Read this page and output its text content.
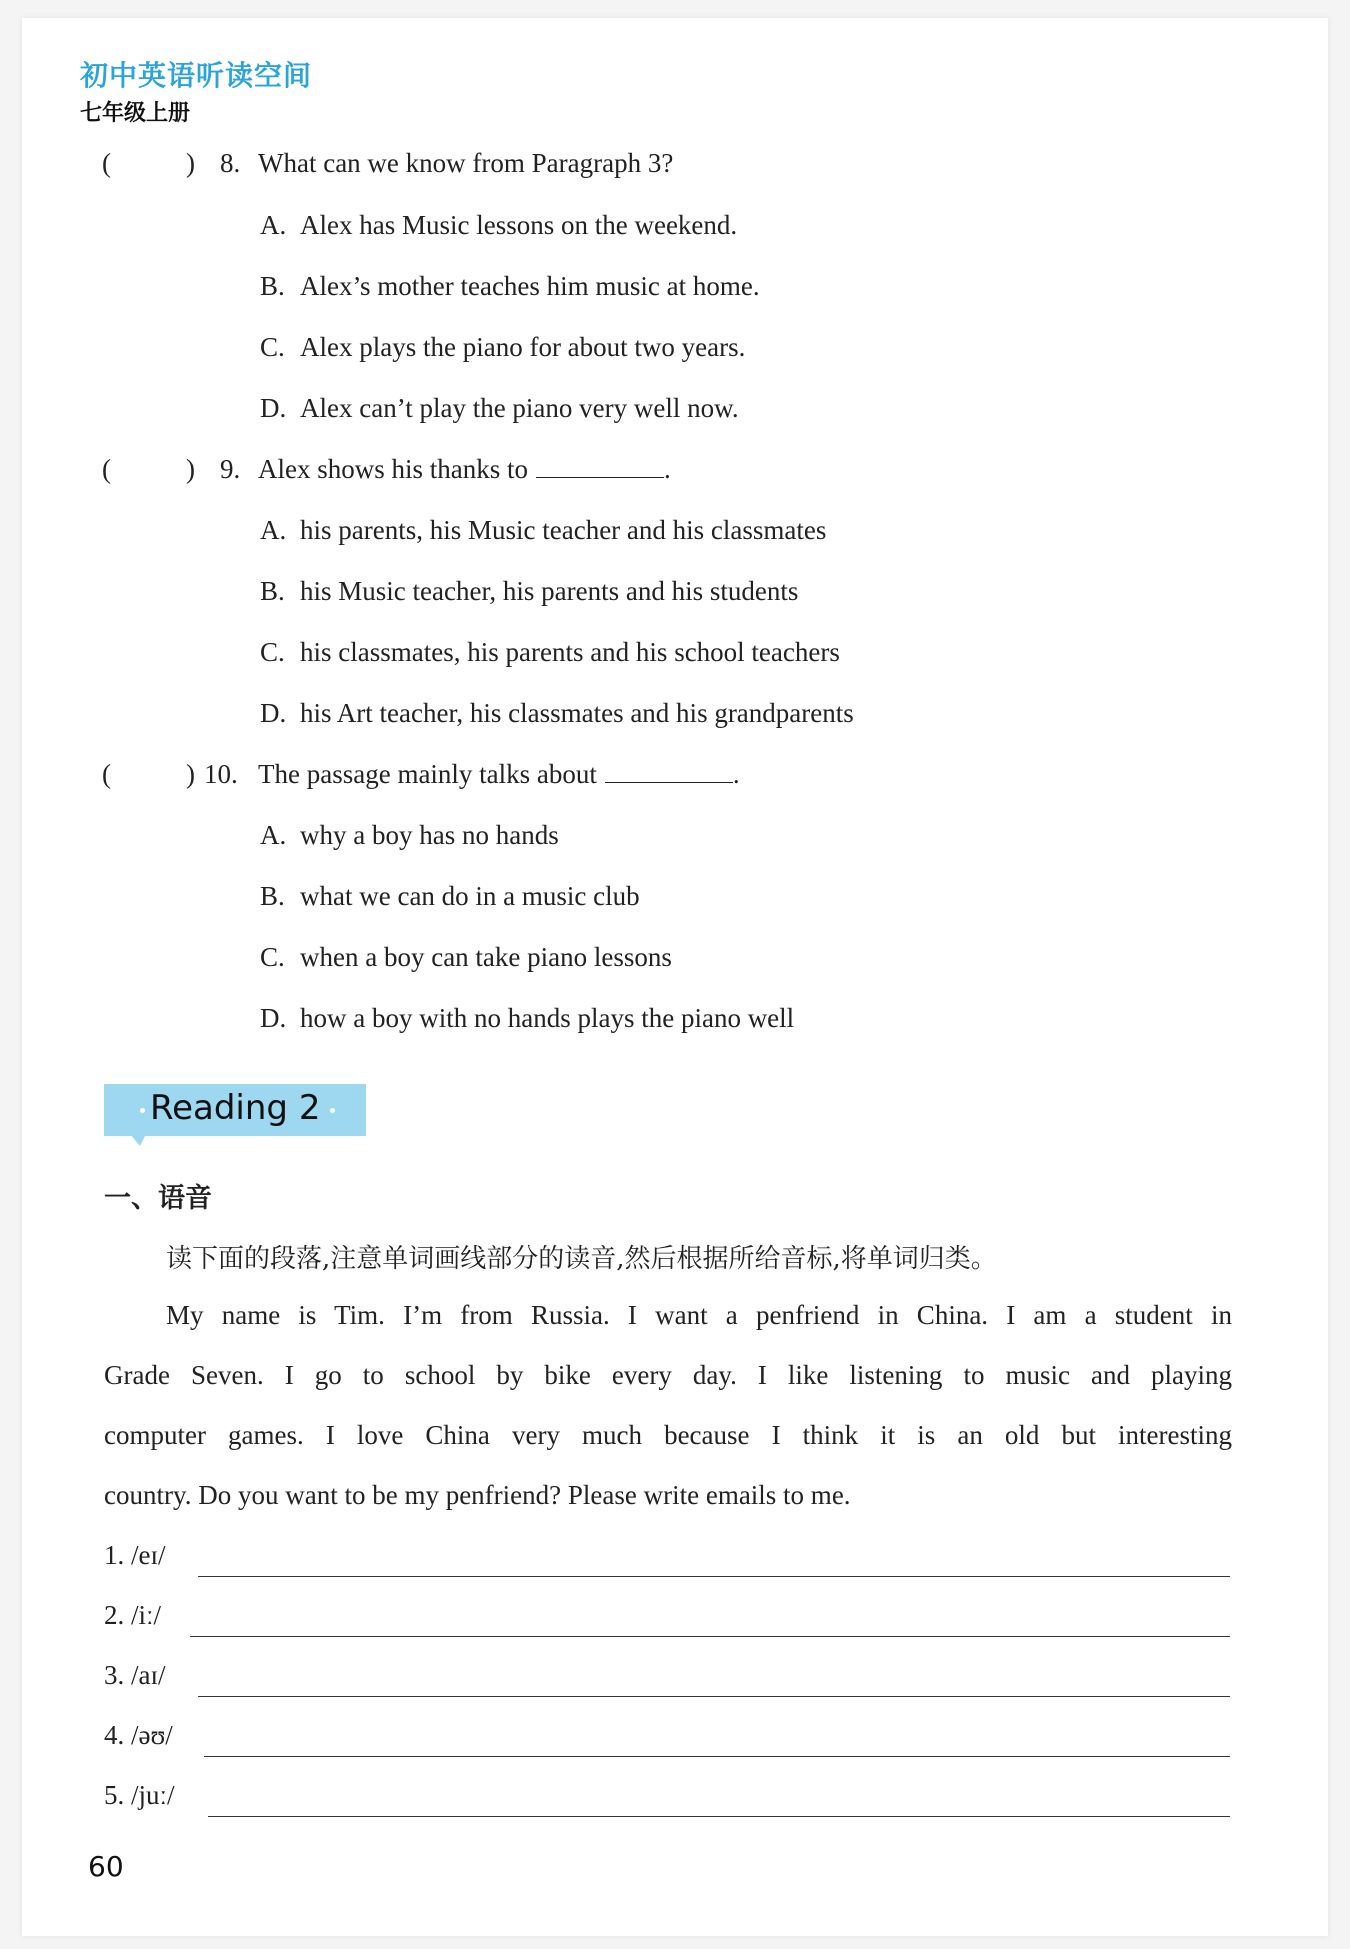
初中英语听读空间
七年级上册
(	) 8. What can we know from Paragraph 3?
A. Alex has Music lessons on the weekend.
B. Alex’s mother teaches him music at home.
C. Alex plays the piano for about two years.
D. Alex can’t play the piano very well now.
(	) 9. Alex shows his thanks to	.
A. his parents, his Music teacher and his classmates
B. his Music teacher, his parents and his students
C. his classmates, his parents and his school teachers
D. his Art teacher, his classmates and his grandparents
(	) 10. The passage mainly talks about	.
A. why a boy has no hands
B. what we can do in a music club
C. when a boy can take piano lessons
D. how a boy with no hands plays the piano well
Reading 2
一、语音
读下面的段落,注意单词画线部分的读音,然后根据所给音标,将单词归类。
My name is Tim. I’m from Russia. I want a penfriend in China. I am a student in
Grade Seven. I go to school by bike every day. I like listening to music and playing
computer games. I love China very much because I think it is an old but interesting
country. Do you want to be my penfriend? Please write emails to me.
1. /eɪ/
2. /iː/
3. /aɪ/
4. /əʊ/
5. /juː/
60
